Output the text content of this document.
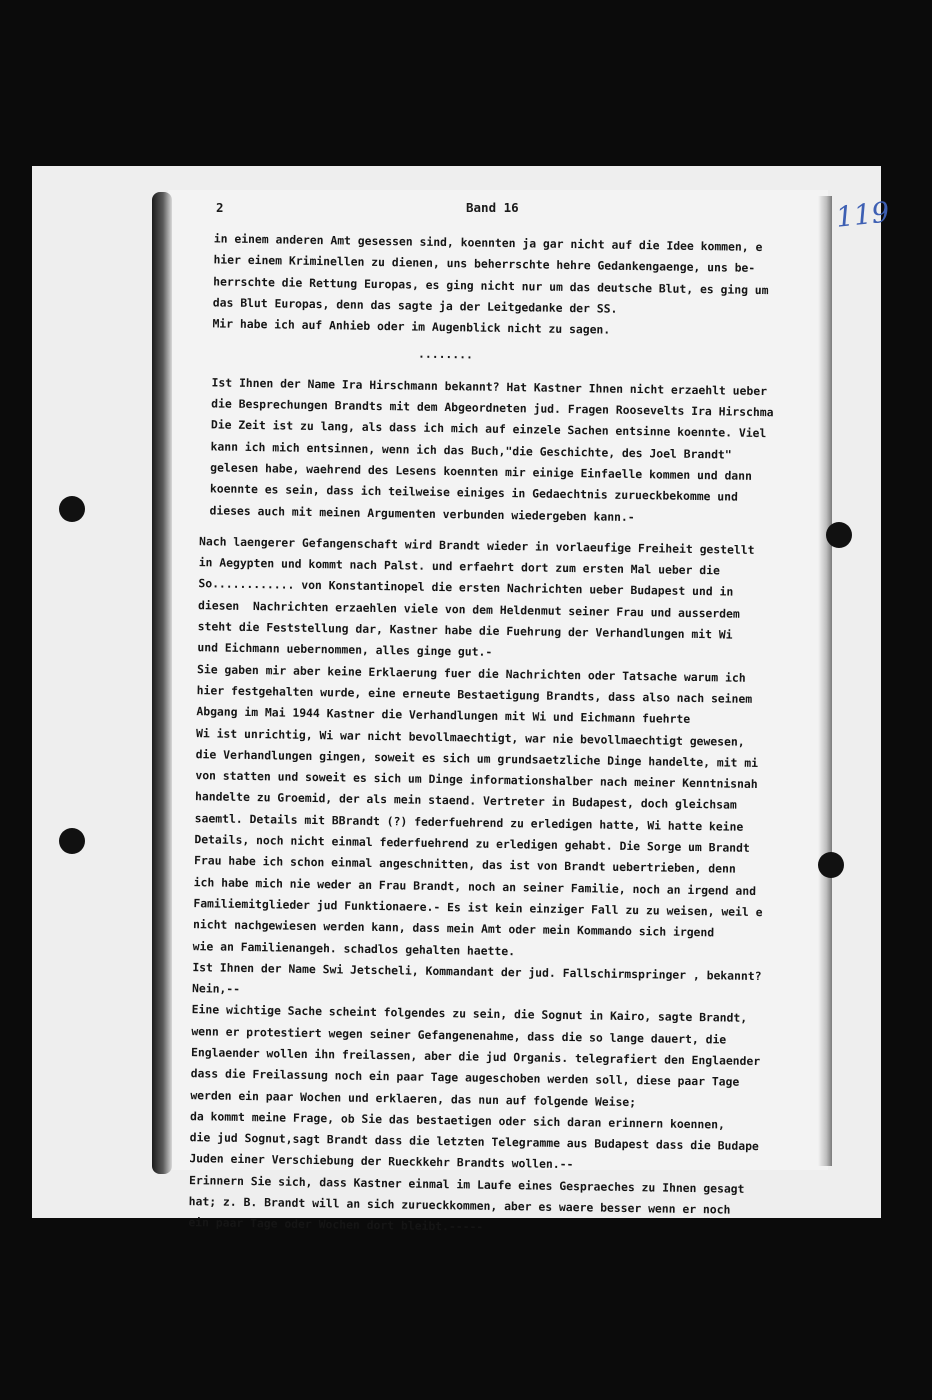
2	Band 16	119
in einem anderen Amt gesessen sind, koennten ja gar nicht auf die Idee kommen, e
hier einem Kriminellen zu dienen, uns beherrschte hehre Gedankengaenge, uns be-
herrschte die Rettung Europas, es ging nicht nur um das deutsche Blut, es ging um
das Blut Europas, denn das sagte ja der Leitgedanke der SS.
Mir habe ich auf Anhieb oder im Augenblick nicht zu sagen.
........
Ist Ihnen der Name Ira Hirschmann bekannt? Hat Kastner Ihnen nicht erzaehlt ueber
die Besprechungen Brandts mit dem Abgeordneten jud. Fragen Roosevelts Ira Hirschma
Die Zeit ist zu lang, als dass ich mich auf einzele Sachen entsinne koennte. Viel
kann ich mich entsinnen, wenn ich das Buch,"die Geschichte, des Joel Brandt"
gelesen habe, waehrend des Lesens koennten mir einige Einfaelle kommen und dann
koennte es sein, dass ich teilweise einiges in Gedaechtnis zurueckbekomme und
dieses auch mit meinen Argumenten verbunden wiedergeben kann.-
Nach laengerer Gefangenschaft wird Brandt wieder in vorlaeufige Freiheit gestellt
in Aegypten und kommt nach Palst. und erfaehrt dort zum ersten Mal ueber die
So............ von Konstantinopel die ersten Nachrichten ueber Budapest und in
diesen  Nachrichten erzaehlen viele von dem Heldenmut seiner Frau und ausserdem
steht die Feststellung dar, Kastner habe die Fuehrung der Verhandlungen mit Wi
und Eichmann uebernommen, alles ginge gut.-
Sie gaben mir aber keine Erklaerung fuer die Nachrichten oder Tatsache warum ich
hier festgehalten wurde, eine erneute Bestaetigung Brandts, dass also nach seinem
Abgang im Mai 1944 Kastner die Verhandlungen mit Wi und Eichmann fuehrte
Wi ist unrichtig, Wi war nicht bevollmaechtigt, war nie bevollmaechtigt gewesen,
die Verhandlungen gingen, soweit es sich um grundsaetzliche Dinge handelte, mit mi
von statten und soweit es sich um Dinge informationshalber nach meiner Kenntnisnah
handelte zu Groemid, der als mein staend. Vertreter in Budapest, doch gleichsam
saemtl. Details mit BBrandt (?) federfuehrend zu erledigen hatte, Wi hatte keine
Details, noch nicht einmal federfuehrend zu erledigen gehabt. Die Sorge um Brandt
Frau habe ich schon einmal angeschnitten, das ist von Brandt uebertrieben, denn
ich habe mich nie weder an Frau Brandt, noch an seiner Familie, noch an irgend and
Familiemitglieder jud Funktionaere.- Es ist kein einziger Fall zu zu weisen, weil e
nicht nachgewiesen werden kann, dass mein Amt oder mein Kommando sich irgend
wie an Familienangeh. schadlos gehalten haette.
Ist Ihnen der Name Swi Jetscheli, Kommandant der jud. Fallschirmspringer , bekannt?
Nein,--
Eine wichtige Sache scheint folgendes zu sein, die Sognut in Kairo, sagte Brandt,
wenn er protestiert wegen seiner Gefangenenahme, dass die so lange dauert, die
Englaender wollen ihn freilassen, aber die jud Organis. telegrafiert den Englaender
dass die Freilassung noch ein paar Tage augeschoben werden soll, diese paar Tage
werden ein paar Wochen und erklaeren, das nun auf folgende Weise;
da kommt meine Frage, ob Sie das bestaetigen oder sich daran erinnern koennen,
die jud Sognut,sagt Brandt dass die letzten Telegramme aus Budapest dass die Budape
Juden einer Verschiebung der Rueckkehr Brandts wollen.--
Erinnern Sie sich, dass Kastner einmal im Laufe eines Gespraeches zu Ihnen gesagt
hat; z. B. Brandt will an sich zurueckkommen, aber es waere besser wenn er noch
ein paar Tage oder Wochen dort bleibt.-----
